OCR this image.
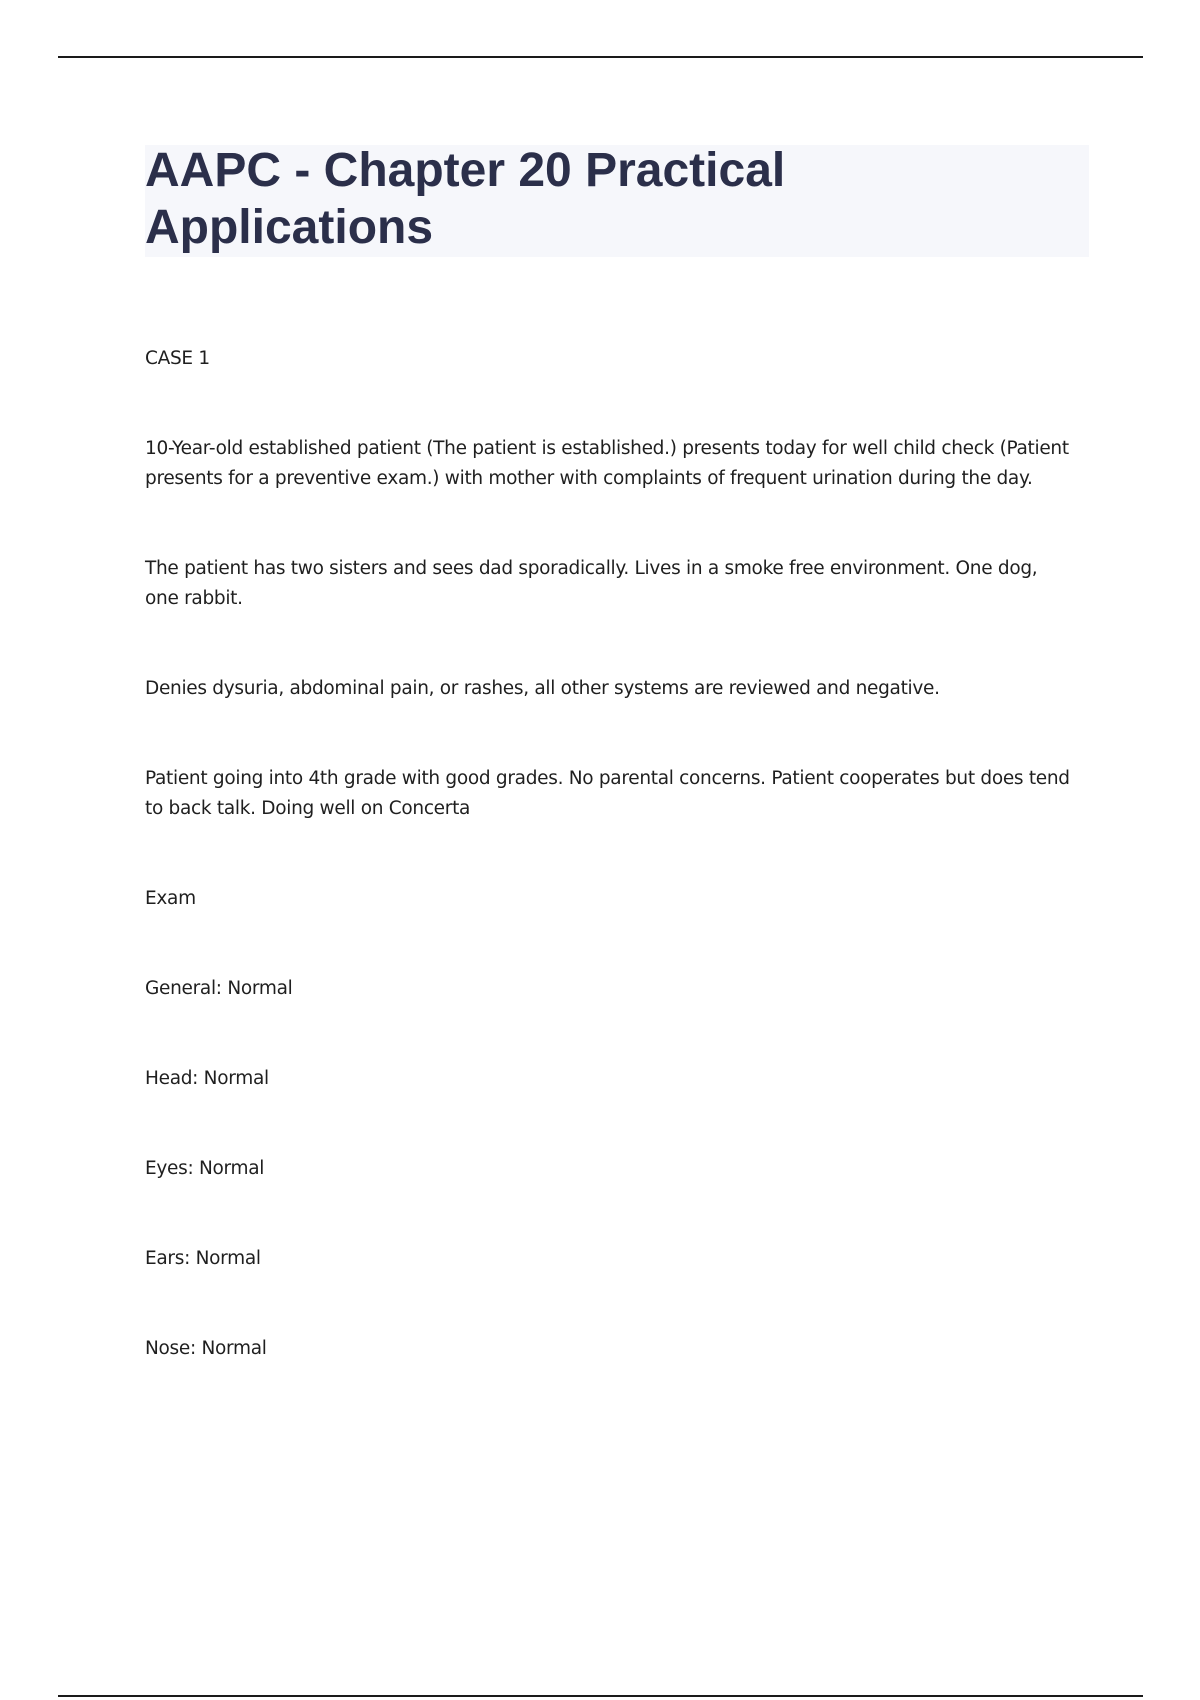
AAPC - Chapter 20 Practical Applications

CASE 1

10-Year-old established patient (The patient is established.) presents today for well child check (Patient presents for a preventive exam.) with mother with complaints of frequent urination during the day.

The patient has two sisters and sees dad sporadically. Lives in a smoke free environment. One dog, one rabbit.

Denies dysuria, abdominal pain, or rashes, all other systems are reviewed and negative.

Patient going into 4th grade with good grades. No parental concerns. Patient cooperates but does tend to back talk. Doing well on Concerta

Exam

General: Normal

Head: Normal

Eyes: Normal

Ears: Normal

Nose: Normal
